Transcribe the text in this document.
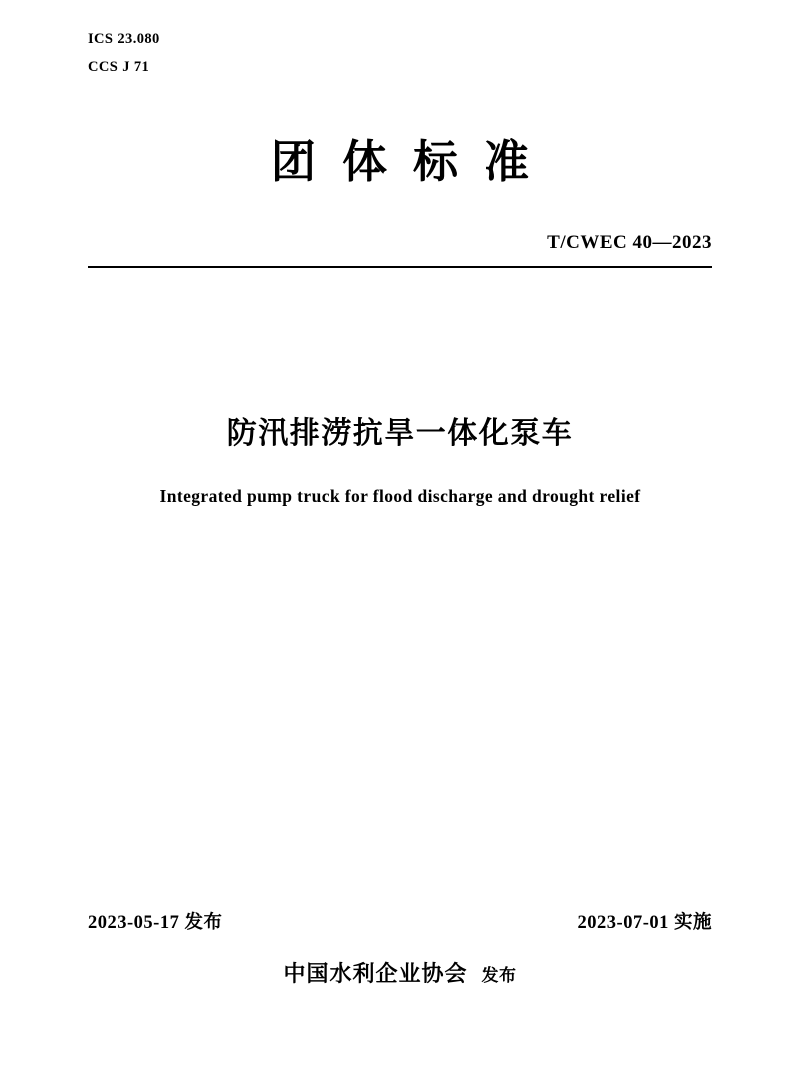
ICS 23.080
CCS J 71
团体标准
T/CWEC 40—2023
防汛排涝抗旱一体化泵车
Integrated pump truck for flood discharge and drought relief
2023-05-17 发布	2023-07-01 实施
中国水利企业协会 发布
